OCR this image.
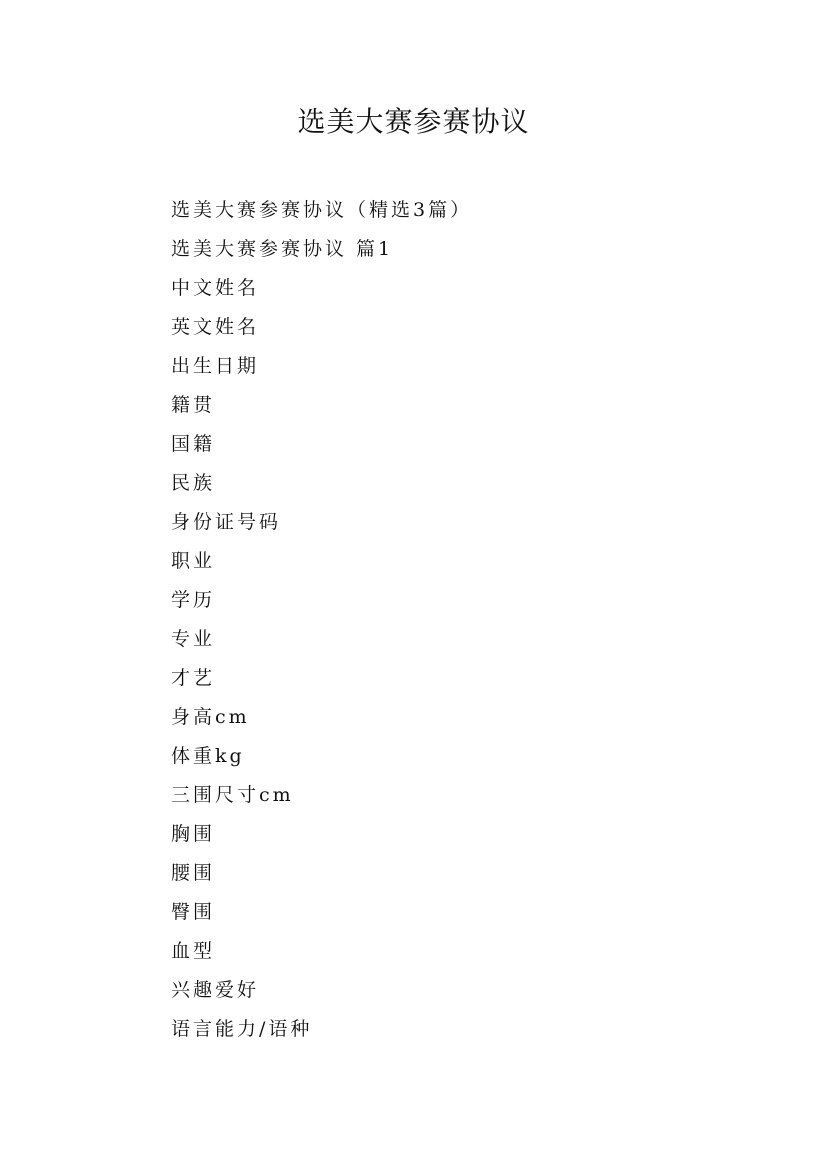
选美大赛参赛协议
选美大赛参赛协议（精选3篇）
选美大赛参赛协议 篇1
中文姓名
英文姓名
出生日期
籍贯
国籍
民族
身份证号码
职业
学历
专业
才艺
身高cm
体重kg
三围尺寸cm
胸围
腰围
臀围
血型
兴趣爱好
语言能力/语种
